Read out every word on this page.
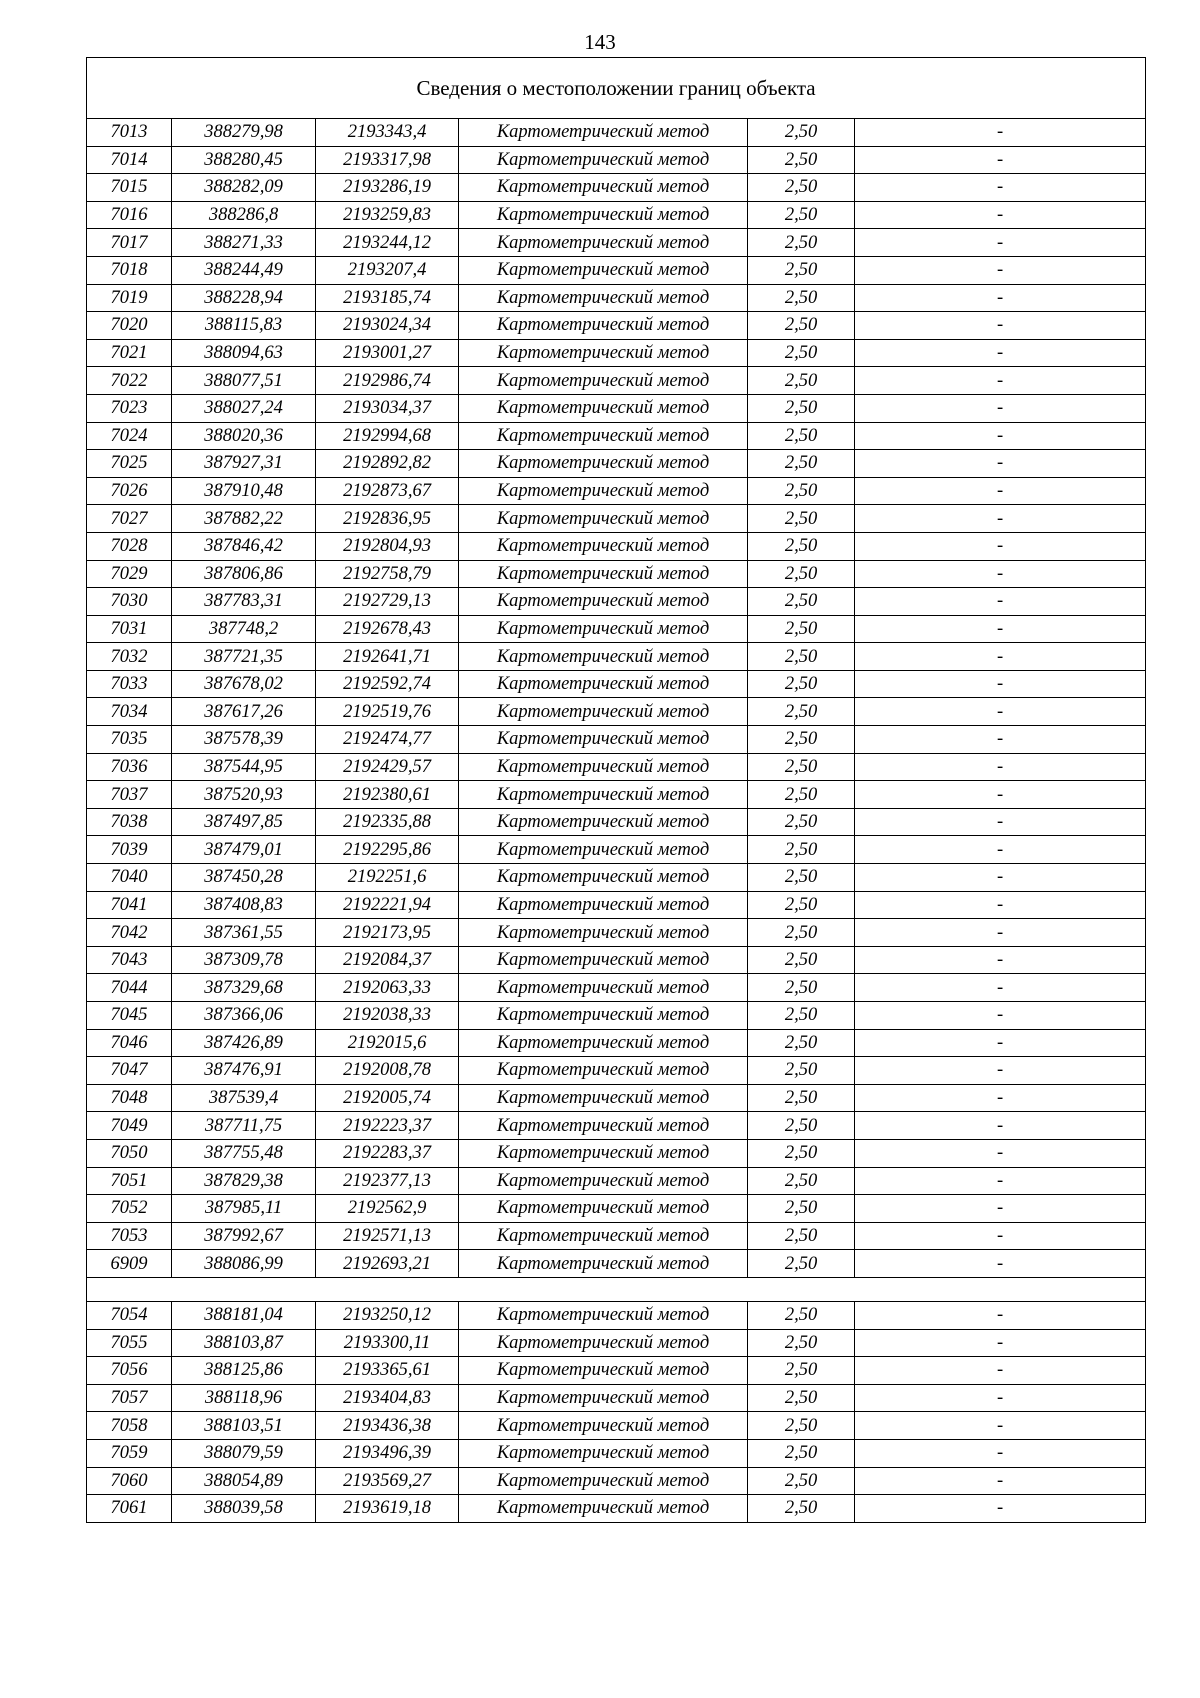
143
Сведения о местоположении границ объекта					
7013	388279,98	2193343,4	Картометрический метод	2,50	-
7014	388280,45	2193317,98	Картометрический метод	2,50	-
7015	388282,09	2193286,19	Картометрический метод	2,50	-
7016	388286,8	2193259,83	Картометрический метод	2,50	-
7017	388271,33	2193244,12	Картометрический метод	2,50	-
7018	388244,49	2193207,4	Картометрический метод	2,50	-
7019	388228,94	2193185,74	Картометрический метод	2,50	-
7020	388115,83	2193024,34	Картометрический метод	2,50	-
7021	388094,63	2193001,27	Картометрический метод	2,50	-
7022	388077,51	2192986,74	Картометрический метод	2,50	-
7023	388027,24	2193034,37	Картометрический метод	2,50	-
7024	388020,36	2192994,68	Картометрический метод	2,50	-
7025	387927,31	2192892,82	Картометрический метод	2,50	-
7026	387910,48	2192873,67	Картометрический метод	2,50	-
7027	387882,22	2192836,95	Картометрический метод	2,50	-
7028	387846,42	2192804,93	Картометрический метод	2,50	-
7029	387806,86	2192758,79	Картометрический метод	2,50	-
7030	387783,31	2192729,13	Картометрический метод	2,50	-
7031	387748,2	2192678,43	Картометрический метод	2,50	-
7032	387721,35	2192641,71	Картометрический метод	2,50	-
7033	387678,02	2192592,74	Картометрический метод	2,50	-
7034	387617,26	2192519,76	Картометрический метод	2,50	-
7035	387578,39	2192474,77	Картометрический метод	2,50	-
7036	387544,95	2192429,57	Картометрический метод	2,50	-
7037	387520,93	2192380,61	Картометрический метод	2,50	-
7038	387497,85	2192335,88	Картометрический метод	2,50	-
7039	387479,01	2192295,86	Картометрический метод	2,50	-
7040	387450,28	2192251,6	Картометрический метод	2,50	-
7041	387408,83	2192221,94	Картометрический метод	2,50	-
7042	387361,55	2192173,95	Картометрический метод	2,50	-
7043	387309,78	2192084,37	Картометрический метод	2,50	-
7044	387329,68	2192063,33	Картометрический метод	2,50	-
7045	387366,06	2192038,33	Картометрический метод	2,50	-
7046	387426,89	2192015,6	Картометрический метод	2,50	-
7047	387476,91	2192008,78	Картометрический метод	2,50	-
7048	387539,4	2192005,74	Картометрический метод	2,50	-
7049	387711,75	2192223,37	Картометрический метод	2,50	-
7050	387755,48	2192283,37	Картометрический метод	2,50	-
7051	387829,38	2192377,13	Картометрический метод	2,50	-
7052	387985,11	2192562,9	Картометрический метод	2,50	-
7053	387992,67	2192571,13	Картометрический метод	2,50	-
6909	388086,99	2192693,21	Картометрический метод	2,50	-

7054	388181,04	2193250,12	Картометрический метод	2,50	-
7055	388103,87	2193300,11	Картометрический метод	2,50	-
7056	388125,86	2193365,61	Картометрический метод	2,50	-
7057	388118,96	2193404,83	Картометрический метод	2,50	-
7058	388103,51	2193436,38	Картометрический метод	2,50	-
7059	388079,59	2193496,39	Картометрический метод	2,50	-
7060	388054,89	2193569,27	Картометрический метод	2,50	-
7061	388039,58	2193619,18	Картометрический метод	2,50	-
